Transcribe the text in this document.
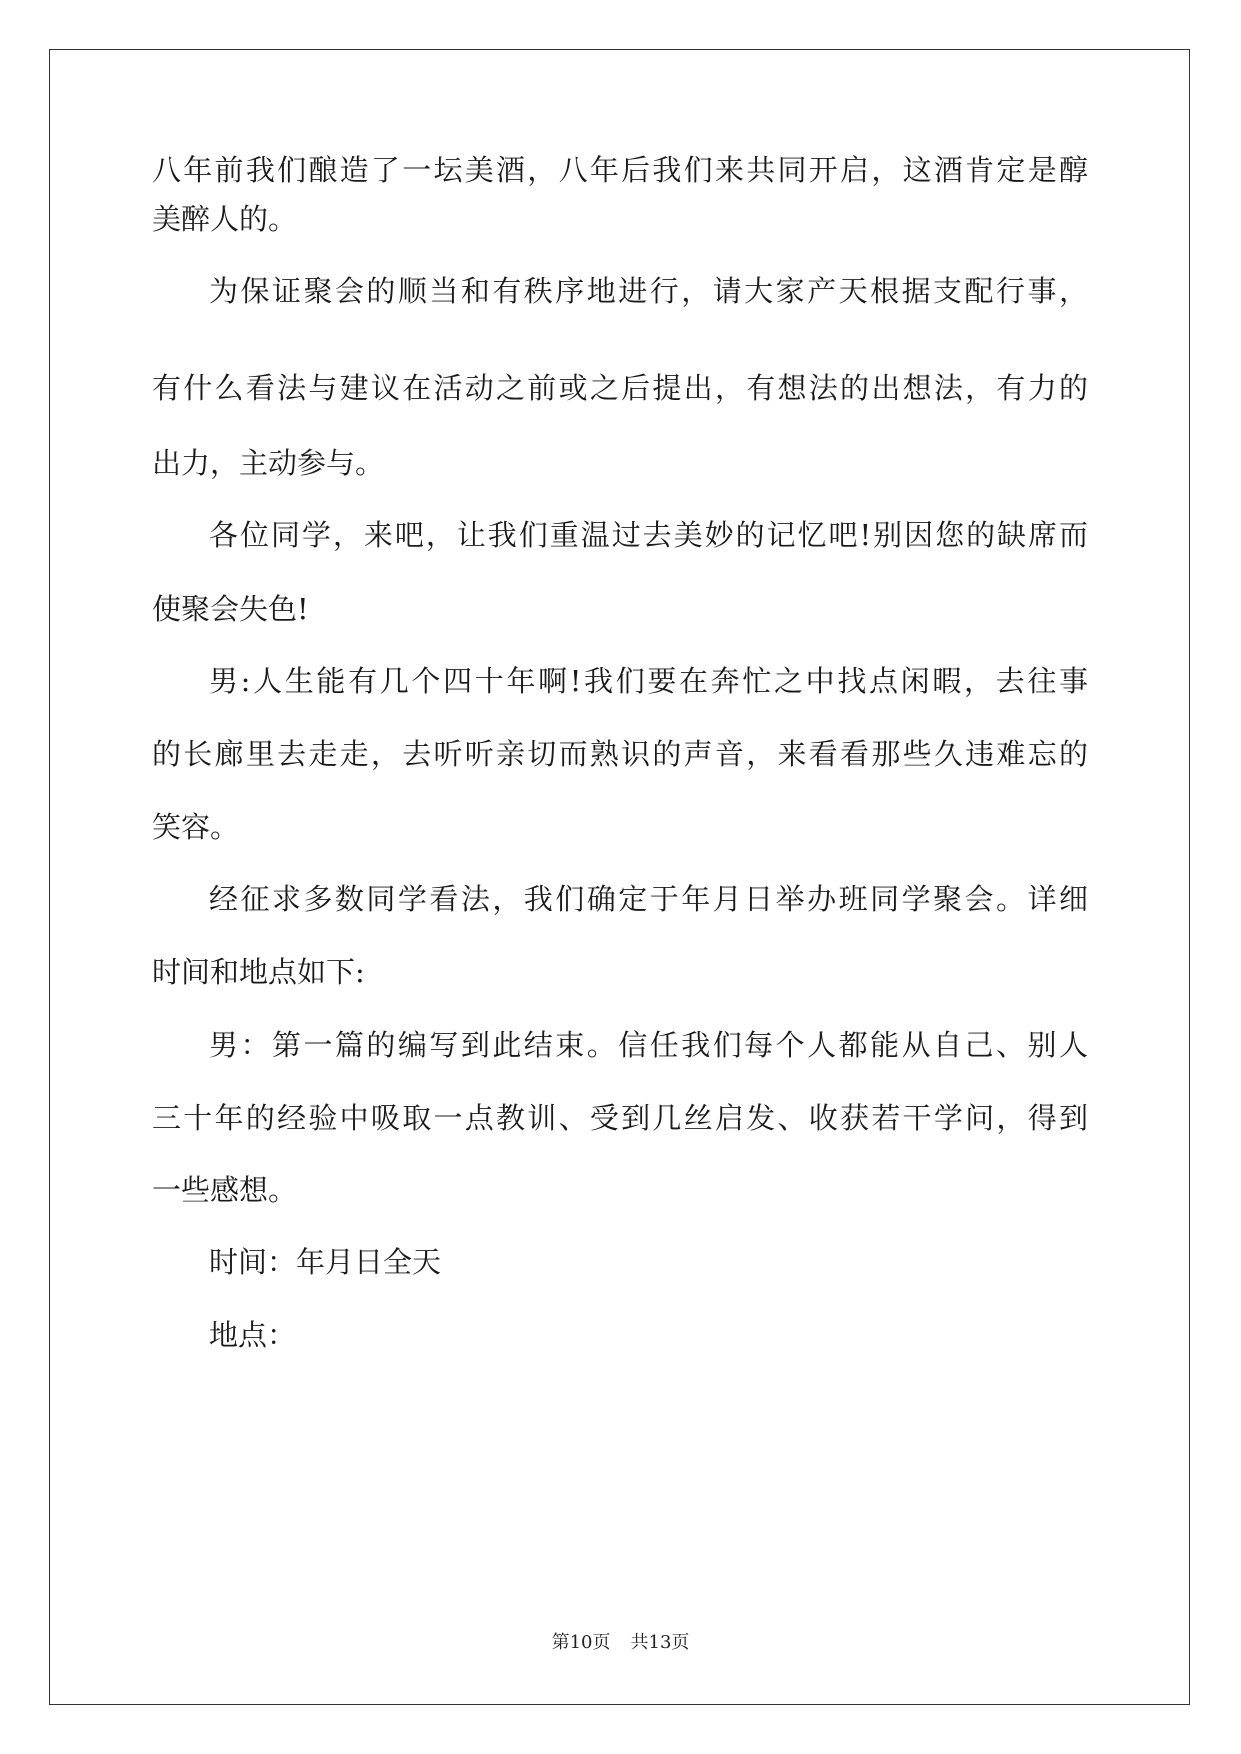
八年前我们酿造了一坛美酒，八年后我们来共同开启，这酒肯定是醇
美醉人的。
为保证聚会的顺当和有秩序地进行，请大家产天根据支配行事，
有什么看法与建议在活动之前或之后提出，有想法的出想法，有力的
出力，主动参与。
各位同学，来吧，让我们重温过去美妙的记忆吧!别因您的缺席而
使聚会失色!
男:人生能有几个四十年啊!我们要在奔忙之中找点闲暇，去往事
的长廊里去走走，去听听亲切而熟识的声音，来看看那些久违难忘的
笑容。
经征求多数同学看法，我们确定于年月日举办班同学聚会。详细
时间和地点如下:
男：第一篇的编写到此结束。信任我们每个人都能从自己、别人
三十年的经验中吸取一点教训、受到几丝启发、收获若干学问，得到
一些感想。
时间：年月日全天
地点：
第10页 共13页
